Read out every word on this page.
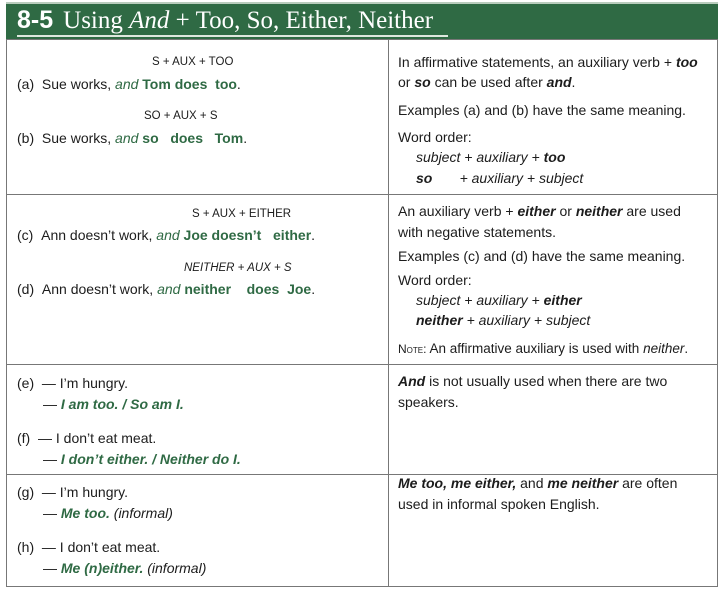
8-5 Using And + Too, So, Either, Neither
S + AUX + TOO
(a) Sue works, and Tom does too.
SO + AUX + S
(b) Sue works, and so does Tom.
In affirmative statements, an auxiliary verb + too
or so can be used after and.
Examples (a) and (b) have the same meaning.
Word order:
subject + auxiliary + too
so + auxiliary + subject
S + AUX + EITHER
(c) Ann doesn’t work, and Joe doesn’t either.
NEITHER + AUX + S
(d) Ann doesn’t work, and neither does Joe.
An auxiliary verb + either or neither are used
with negative statements.
Examples (c) and (d) have the same meaning.
Word order:
subject + auxiliary + either
neither + auxiliary + subject
Note: An affirmative auxiliary is used with neither.
(e) — I’m hungry.
— I am too. / So am I.
(f) — I don’t eat meat.
— I don’t either. / Neither do I.
And is not usually used when there are two
speakers.
(g) — I’m hungry.
— Me too. (informal)
(h) — I don’t eat meat.
— Me (n)either. (informal)
Me too, me either, and me neither are often
used in informal spoken English.
